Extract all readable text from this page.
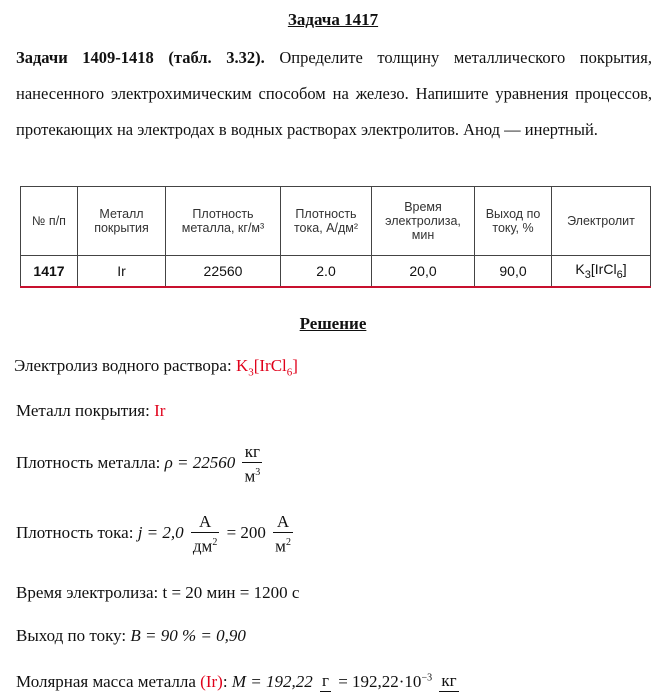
Задача 1417
Задачи 1409-1418 (табл. 3.32). Определите толщину металлического покрытия, нанесенного электрохимическим способом на железо. Напишите уравнения процессов, протекающих на электродах в водных растворах электролитов. Анод — инертный.
№ п/п	Металл покрытия	Плотность металла, кг/м³	Плотность тока, А/дм²	Время электролиза, мин	Выход по току, %	Электролит
1417	Ir	22560	2.0	20,0	90,0	$K_3[IrCl_6]$
Решение
Электролиз водного раствора: $K_3[IrCl_6]$
Металл покрытия: Ir
Плотность металла: $\rho = 22560 \frac{кг}{м^3}$
Плотность тока: $j = 2,0 \frac{А}{дм^2} = 200 \frac{А}{м^2}$
Время электролиза: t = 20 мин = 1200 с
Выход по току: B = 90 % = 0,90
Молярная масса металла (Ir): M = 192,22 $г = 192,22\cdot 10^{-3}$ кг
